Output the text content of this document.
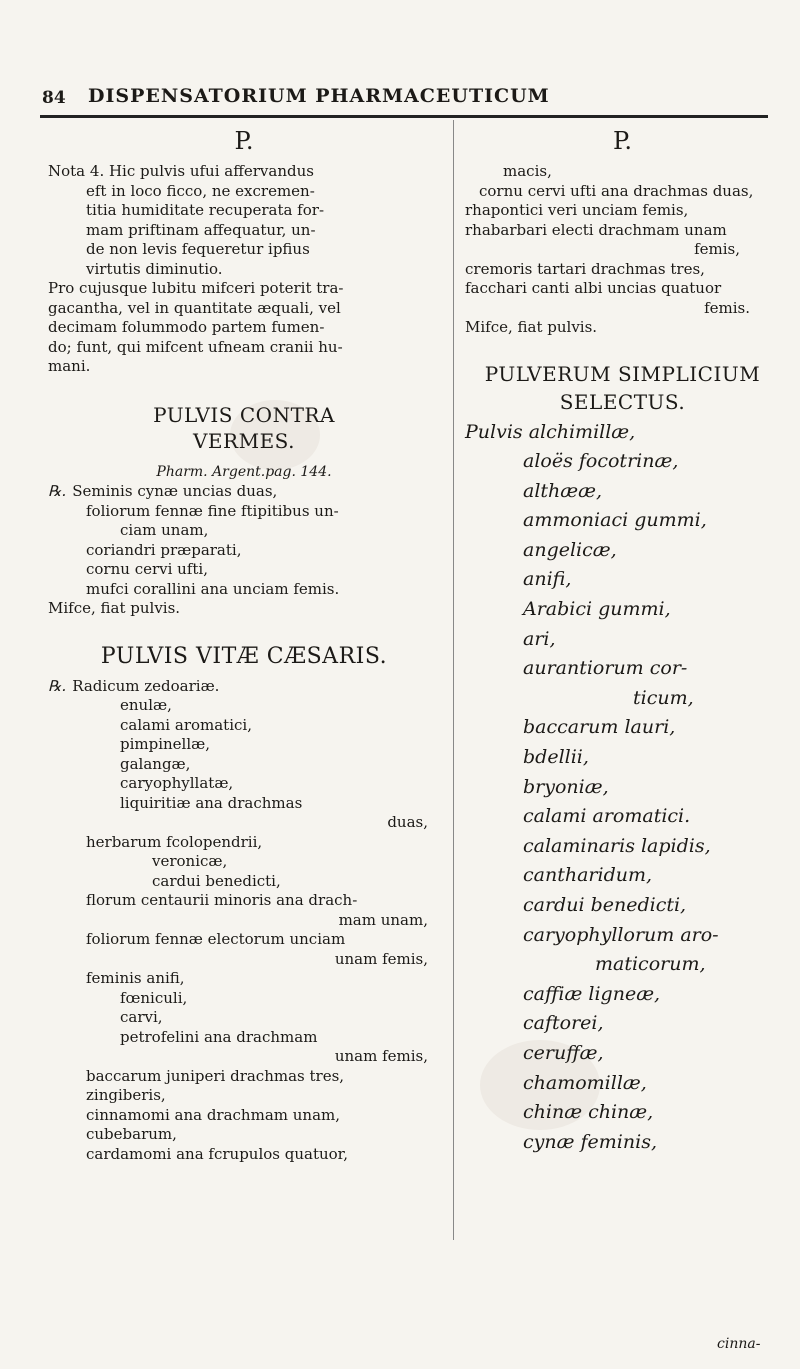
84 DISPENSATORIUM PHARMACEUTICUM
P.
Nota 4. Hic pulvis ufui affervandus
eft in loco ficco, ne excremen-
titia humiditate recuperata for-
mam priftinam affequatur, un-
de non levis fequeretur ipfius
virtutis diminutio.
Pro cujusque lubitu mifceri poterit tra-
gacantha, vel in quantitate æquali, vel
decimam folummodo partem fumen-
do; funt, qui mifcent ufneam cranii hu-
mani.
PULVIS CONTRA
VERMES.
Pharm. Argent.pag. 144.
℞. Seminis cynæ uncias duas,
foliorum fennæ fine ftipitibus un-
ciam unam,
coriandri præparati,
cornu cervi ufti,
mufci corallini ana unciam femis.
Mifce, fiat pulvis.
PULVIS VITÆ CÆSARIS.
℞. Radicum zedoariæ.
enulæ,
calami aromatici,
pimpinellæ,
galangæ,
caryophyllatæ,
liquiritiæ ana drachmas
duas,
herbarum fcolopendrii,
veronicæ,
cardui benedicti,
florum centaurii minoris ana drach-
mam unam,
foliorum fennæ electorum unciam
unam femis,
feminis anifi,
fœniculi,
carvi,
petrofelini ana drachmam
unam femis,
baccarum juniperi drachmas tres,
zingiberis,
cinnamomi ana drachmam unam,
cubebarum,
cardamomi ana fcrupulos quatuor,
P.
macis,
cornu cervi ufti ana drachmas duas,
rhapontici veri unciam femis,
rhabarbari electi drachmam unam
femis,
cremoris tartari drachmas tres,
facchari canti albi uncias quatuor
femis.
Mifce, fiat pulvis.
PULVERUM SIMPLICIUM
SELECTUS.
Pulvis alchimillæ,
aloës focotrinæ,
althææ,
ammoniaci gummi,
angelicæ,
anifi,
Arabici gummi,
ari,
aurantiorum cor-
ticum,
baccarum lauri,
bdellii,
bryoniæ,
calami aromatici.
calaminaris lapidis,
cantharidum,
cardui benedicti,
caryophyllorum aro-
maticorum,
caffiæ ligneæ,
caftorei,
ceruffæ,
chamomillæ,
chinæ chinæ,
cynæ feminis,
cinna-
